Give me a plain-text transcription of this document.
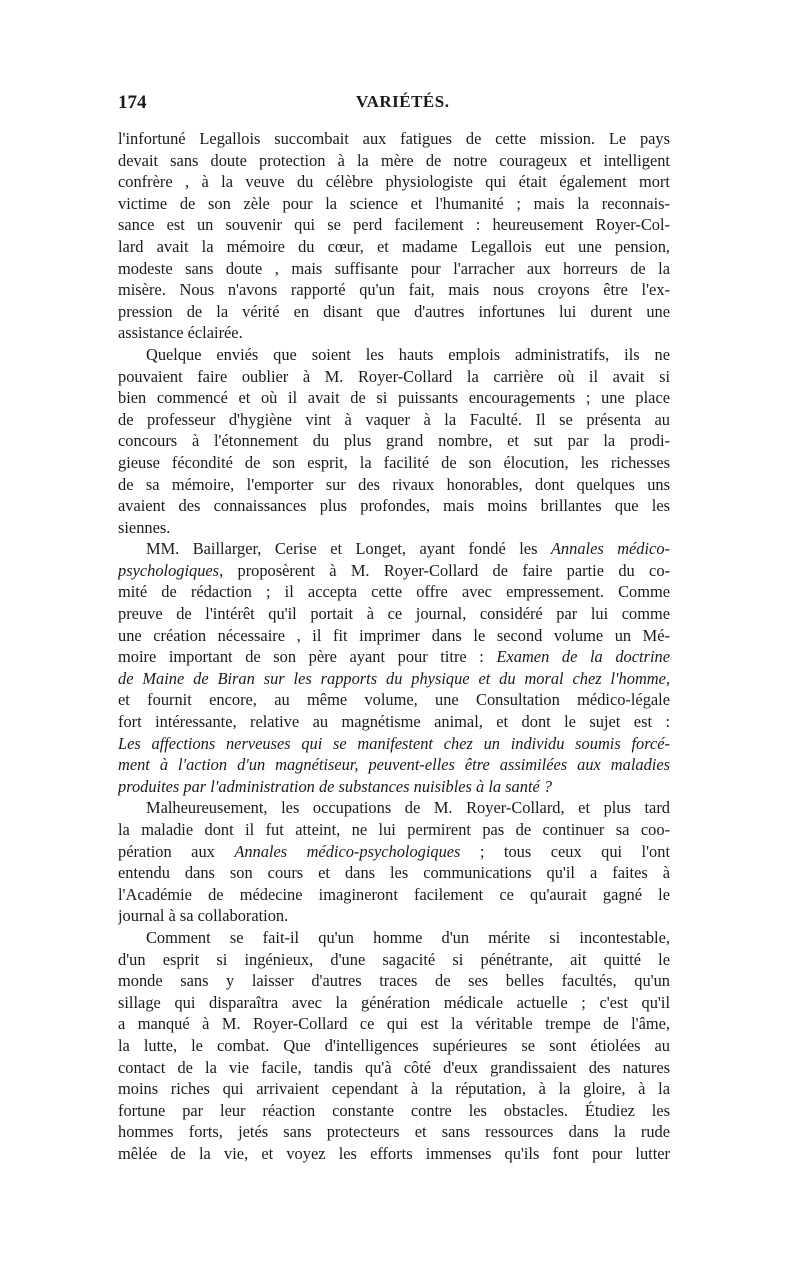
174	VARIÉTÉS.
l'infortuné Legallois succombait aux fatigues de cette mission. Le pays
devait sans doute protection à la mère de notre courageux et intelligent
confrère , à la veuve du célèbre physiologiste qui était également mort
victime de son zèle pour la science et l'humanité ; mais la reconnais-
sance est un souvenir qui se perd facilement : heureusement Royer-Col-
lard avait la mémoire du cœur, et madame Legallois eut une pension,
modeste sans doute , mais suffisante pour l'arracher aux horreurs de la
misère. Nous n'avons rapporté qu'un fait, mais nous croyons être l'ex-
pression de la vérité en disant que d'autres infortunes lui durent une
assistance éclairée.
Quelque enviés que soient les hauts emplois administratifs, ils ne
pouvaient faire oublier à M. Royer-Collard la carrière où il avait si
bien commencé et où il avait de si puissants encouragements ; une place
de professeur d'hygiène vint à vaquer à la Faculté. Il se présenta au
concours à l'étonnement du plus grand nombre, et sut par la prodi-
gieuse fécondité de son esprit, la facilité de son élocution, les richesses
de sa mémoire, l'emporter sur des rivaux honorables, dont quelques uns
avaient des connaissances plus profondes, mais moins brillantes que les
siennes.
MM. Baillarger, Cerise et Longet, ayant fondé les Annales médico-
psychologiques, proposèrent à M. Royer-Collard de faire partie du co-
mité de rédaction ; il accepta cette offre avec empressement. Comme
preuve de l'intérêt qu'il portait à ce journal, considéré par lui comme
une création nécessaire , il fit imprimer dans le second volume un Mé-
moire important de son père ayant pour titre : Examen de la doctrine
de Maine de Biran sur les rapports du physique et du moral chez l'homme,
et fournit encore, au même volume, une Consultation médico-légale
fort intéressante, relative au magnétisme animal, et dont le sujet est :
Les affections nerveuses qui se manifestent chez un individu soumis forcé-
ment à l'action d'un magnétiseur, peuvent-elles être assimilées aux maladies
produites par l'administration de substances nuisibles à la santé ?
Malheureusement, les occupations de M. Royer-Collard, et plus tard
la maladie dont il fut atteint, ne lui permirent pas de continuer sa coo-
pération aux Annales médico-psychologiques ; tous ceux qui l'ont
entendu dans son cours et dans les communications qu'il a faites à
l'Académie de médecine imagineront facilement ce qu'aurait gagné le
journal à sa collaboration.
Comment se fait-il qu'un homme d'un mérite si incontestable,
d'un esprit si ingénieux, d'une sagacité si pénétrante, ait quitté le
monde sans y laisser d'autres traces de ses belles facultés, qu'un
sillage qui disparaîtra avec la génération médicale actuelle ; c'est qu'il
a manqué à M. Royer-Collard ce qui est la véritable trempe de l'âme,
la lutte, le combat. Que d'intelligences supérieures se sont étiolées au
contact de la vie facile, tandis qu'à côté d'eux grandissaient des natures
moins riches qui arrivaient cependant à la réputation, à la gloire, à la
fortune par leur réaction constante contre les obstacles. Étudiez les
hommes forts, jetés sans protecteurs et sans ressources dans la rude
mêlée de la vie, et voyez les efforts immenses qu'ils font pour lutter
